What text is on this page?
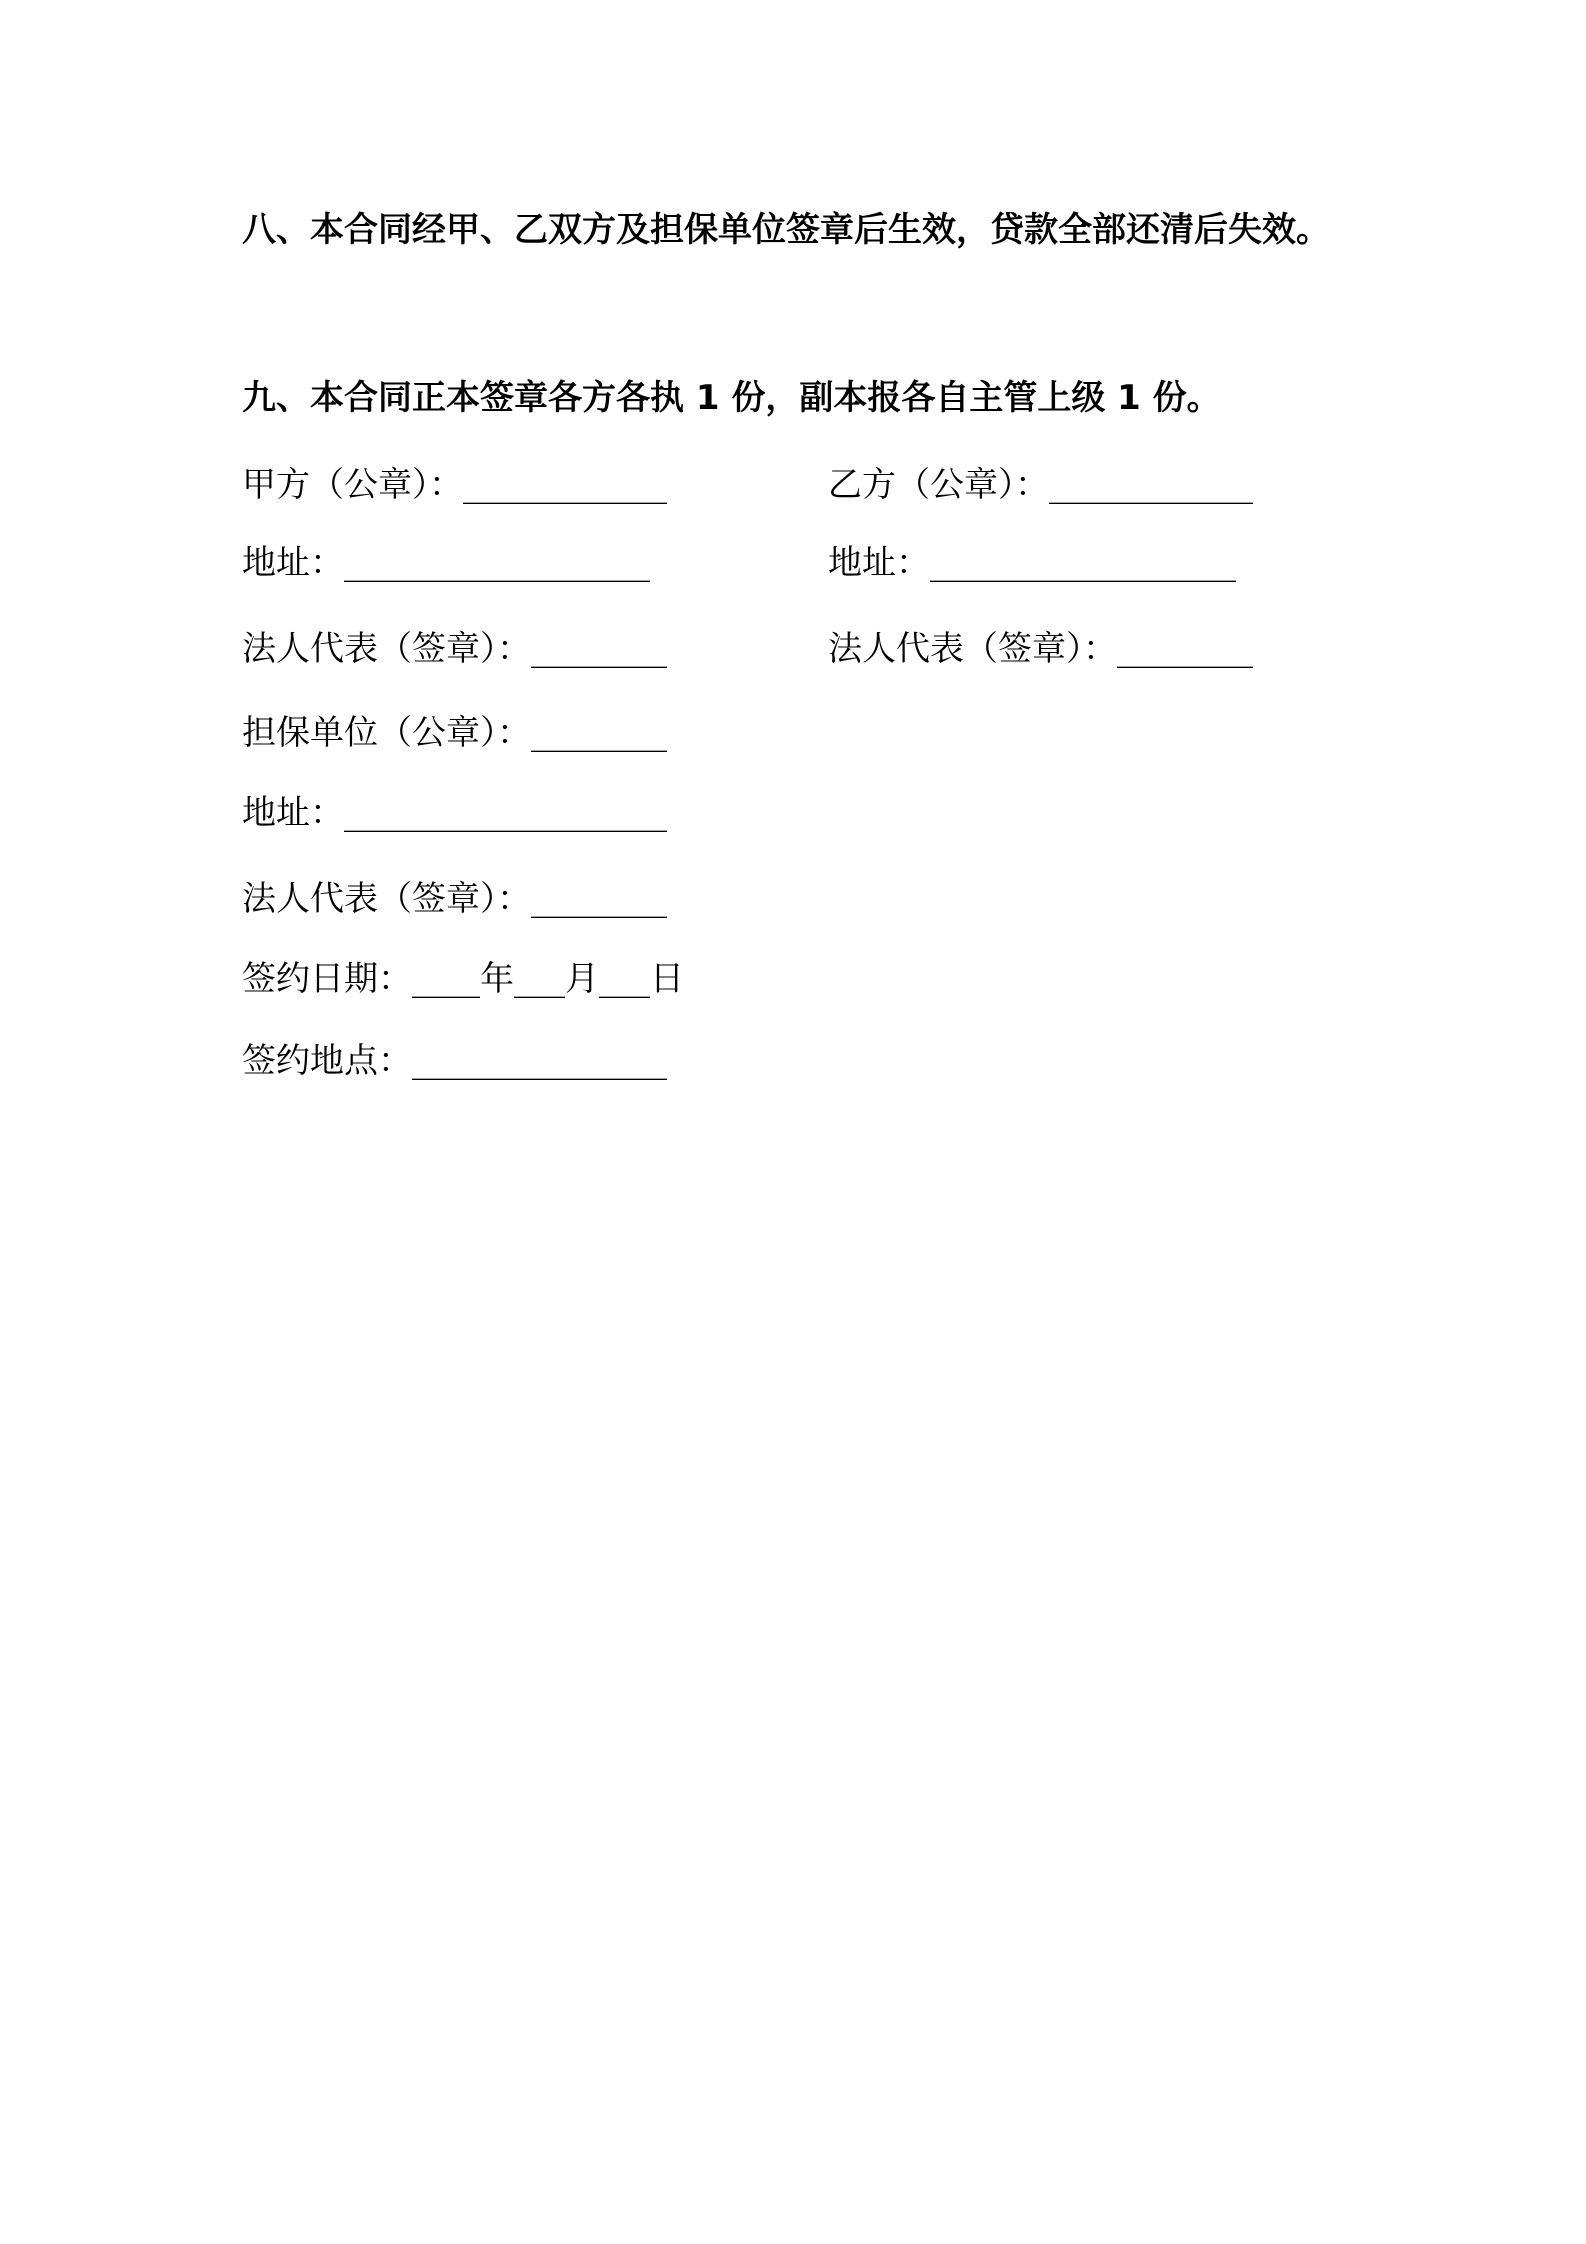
八、本合同经甲、乙双方及担保单位签章后生效，贷款全部还清后失效。
九、本合同正本签章各方各执 1 份，副本报各自主管上级 1 份。
甲方（公章）：____________	乙方（公章）：____________
地址：__________________	地址：__________________
法人代表（签章）：________	法人代表（签章）：________
担保单位（公章）：________
地址：___________________
法人代表（签章）：________
签约日期：____年___月___日
签约地点：_______________
